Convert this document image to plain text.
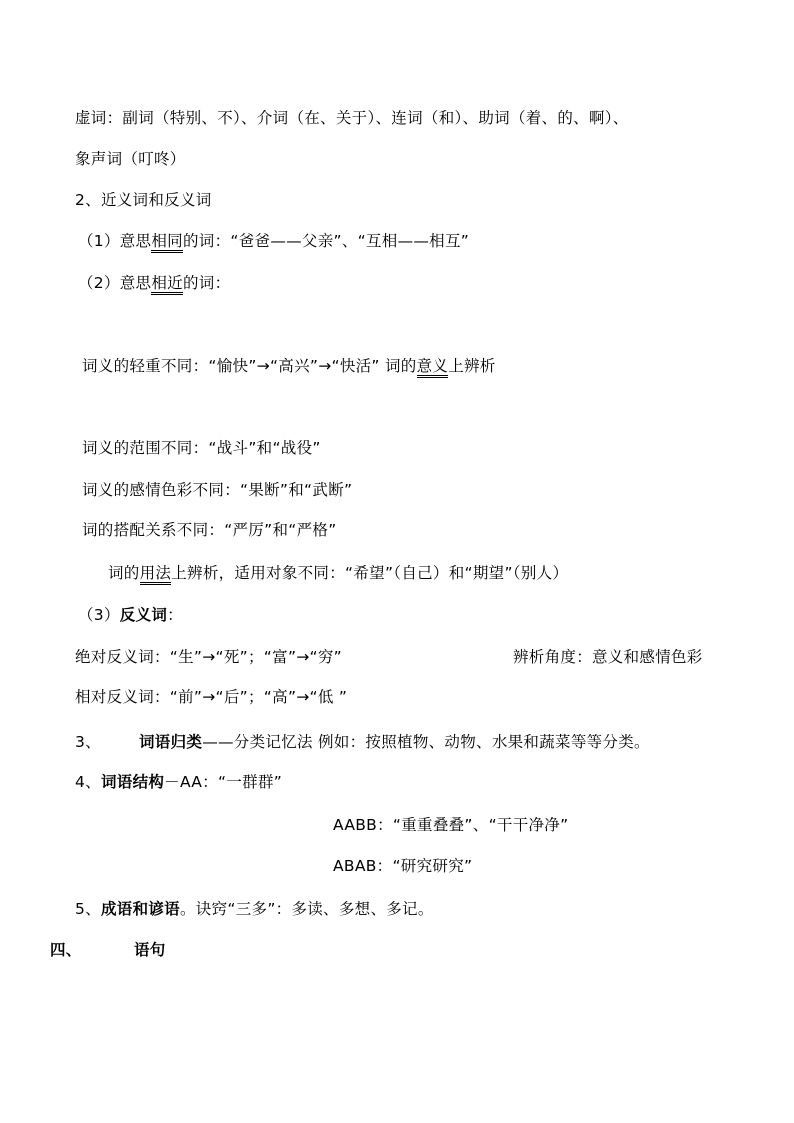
虚词：副词（特别、不）、介词（在、关于）、连词（和）、助词（着、的、啊）、
象声词（叮咚）
2、近义词和反义词
（1）意思相同的词：“爸爸——父亲”、“互相——相互”
（2）意思相近的词：
词义的轻重不同：“愉快”→“高兴”→“快活” 词的意义上辨析
词义的范围不同：“战斗”和“战役”
词义的感情色彩不同：“果断”和“武断”
词的搭配关系不同：“严厉”和“严格”
词的用法上辨析，适用对象不同：“希望”（自己）和“期望”（别人）
（3）反义词：
绝对反义词：“生”→“死”；“富”→“穷”	辨析角度：意义和感情色彩
相对反义词：“前”→“后”；“高”→“低 ”
3、 词语归类——分类记忆法 例如：按照植物、动物、水果和蔬菜等等分类。
4、词语结构－AA：“一群群”
AABB：“重重叠叠”、“干干净净”
ABAB：“研究研究”
5、成语和谚语。诀窍“三多”：多读、多想、多记。
四、	语句
